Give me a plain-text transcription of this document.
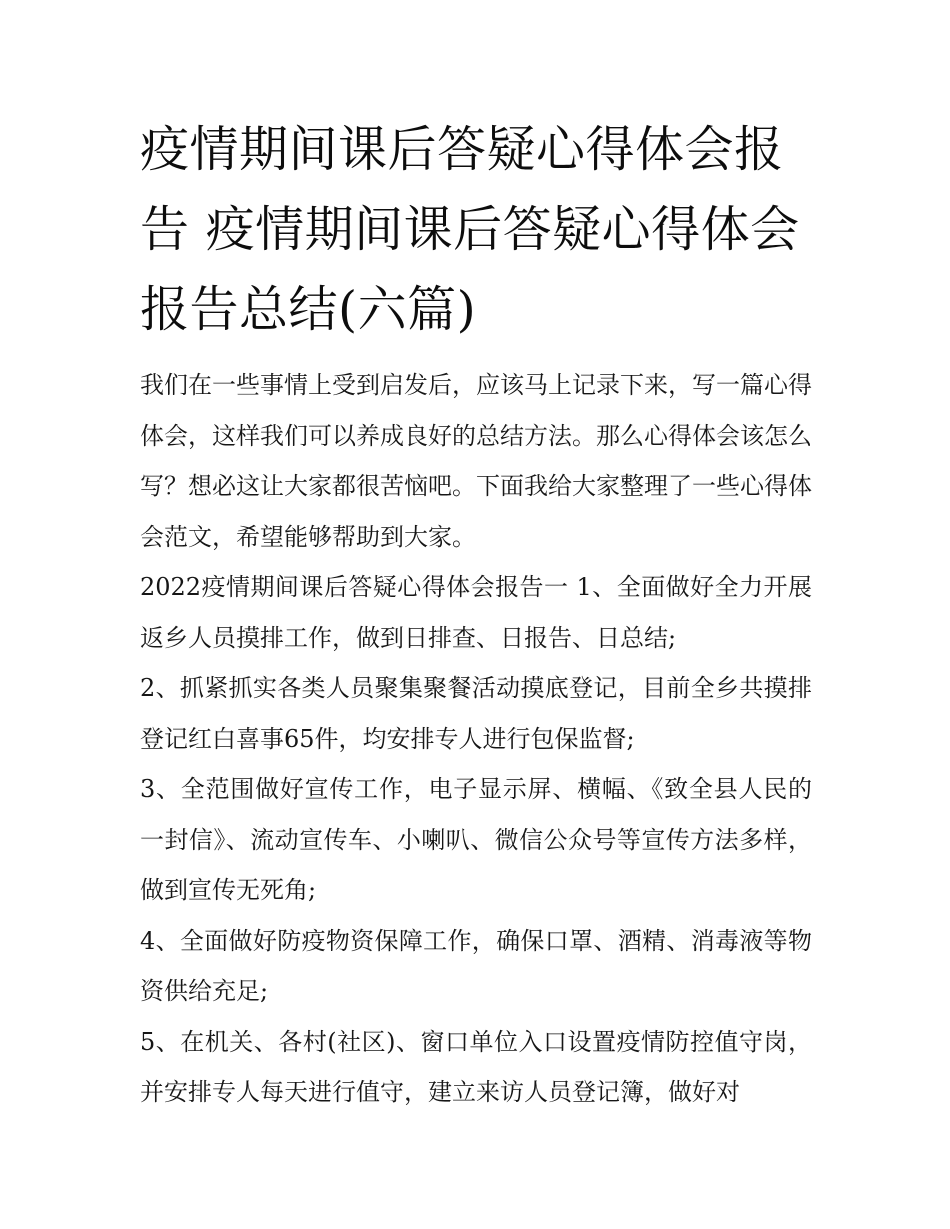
疫情期间课后答疑心得体会报告 疫情期间课后答疑心得体会报告总结(六篇)

我们在一些事情上受到启发后，应该马上记录下来，写一篇心得体会，这样我们可以养成良好的总结方法。那么心得体会该怎么写？想必这让大家都很苦恼吧。下面我给大家整理了一些心得体会范文，希望能够帮助到大家。

2022疫情期间课后答疑心得体会报告一 1、全面做好全力开展返乡人员摸排工作，做到日排查、日报告、日总结;

2、抓紧抓实各类人员聚集聚餐活动摸底登记，目前全乡共摸排登记红白喜事65件，均安排专人进行包保监督;

3、全范围做好宣传工作，电子显示屏、横幅、《致全县人民的一封信》、流动宣传车、小喇叭、微信公众号等宣传方法多样，做到宣传无死角;

4、全面做好防疫物资保障工作，确保口罩、酒精、消毒液等物资供给充足;

5、在机关、各村(社区)、窗口单位入口设置疫情防控值守岗，并安排专人每天进行值守，建立来访人员登记簿，做好对
